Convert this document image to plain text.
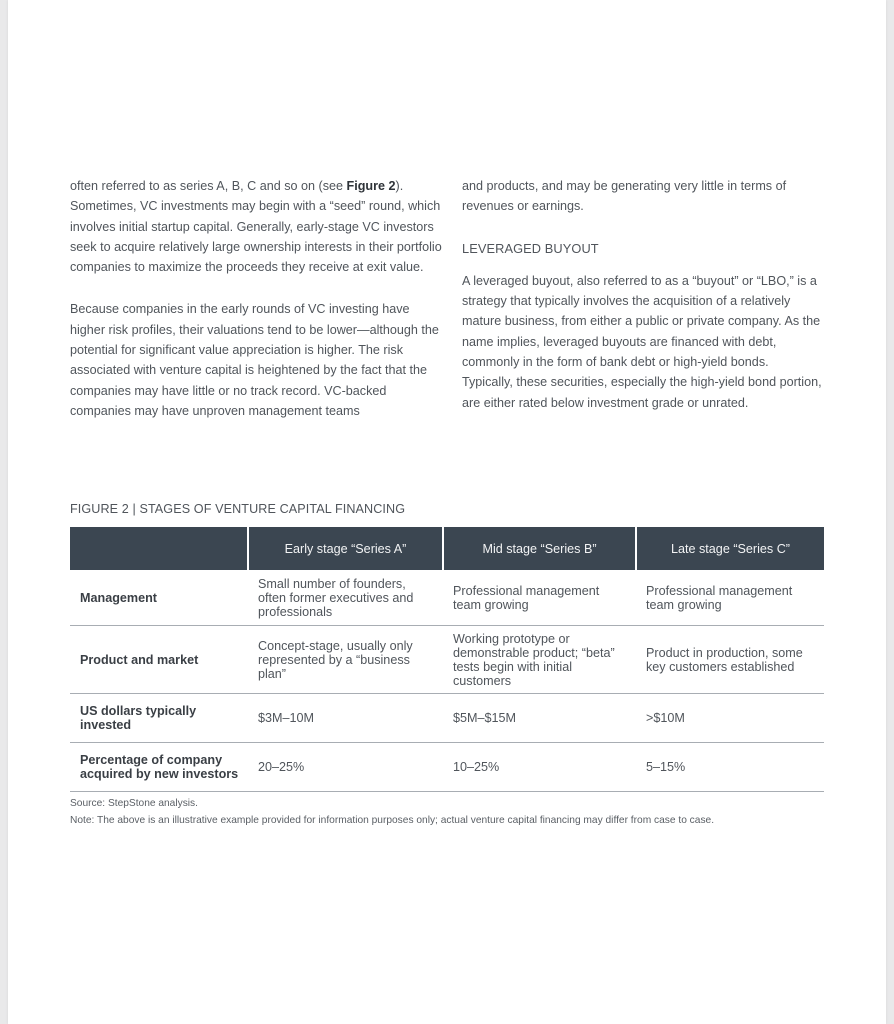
often referred to as series A, B, C and so on (see Figure 2). Sometimes, VC investments may begin with a “seed” round, which involves initial startup capital. Generally, early-stage VC investors seek to acquire relatively large ownership interests in their portfolio companies to maximize the proceeds they receive at exit value.

Because companies in the early rounds of VC investing have higher risk profiles, their valuations tend to be lower—although the potential for significant value appreciation is higher. The risk associated with venture capital is heightened by the fact that the companies may have little or no track record. VC-backed companies may have unproven management teams

and products, and may be generating very little in terms of revenues or earnings.

LEVERAGED BUYOUT

A leveraged buyout, also referred to as a “buyout” or “LBO,” is a strategy that typically involves the acquisition of a relatively mature business, from either a public or private company. As the name implies, leveraged buyouts are financed with debt, commonly in the form of bank debt or high-yield bonds. Typically, these securities, especially the high-yield bond portion, are either rated below investment grade or unrated.

FIGURE 2 | STAGES OF VENTURE CAPITAL FINANCING
	Early stage “Series A”	Mid stage “Series B”	Late stage “Series C”
Management	Small number of founders, often former executives and professionals	Professional management team growing	Professional management team growing
Product and market	Concept-stage, usually only represented by a “business plan”	Working prototype or demonstrable product; “beta” tests begin with initial customers	Product in production, some key customers established
US dollars typically invested	$3M–10M	$5M–$15M	>$10M
Percentage of company acquired by new investors	20–25%	10–25%	5–15%
Source: StepStone analysis.
Note: The above is an illustrative example provided for information purposes only; actual venture capital financing may differ from case to case.
